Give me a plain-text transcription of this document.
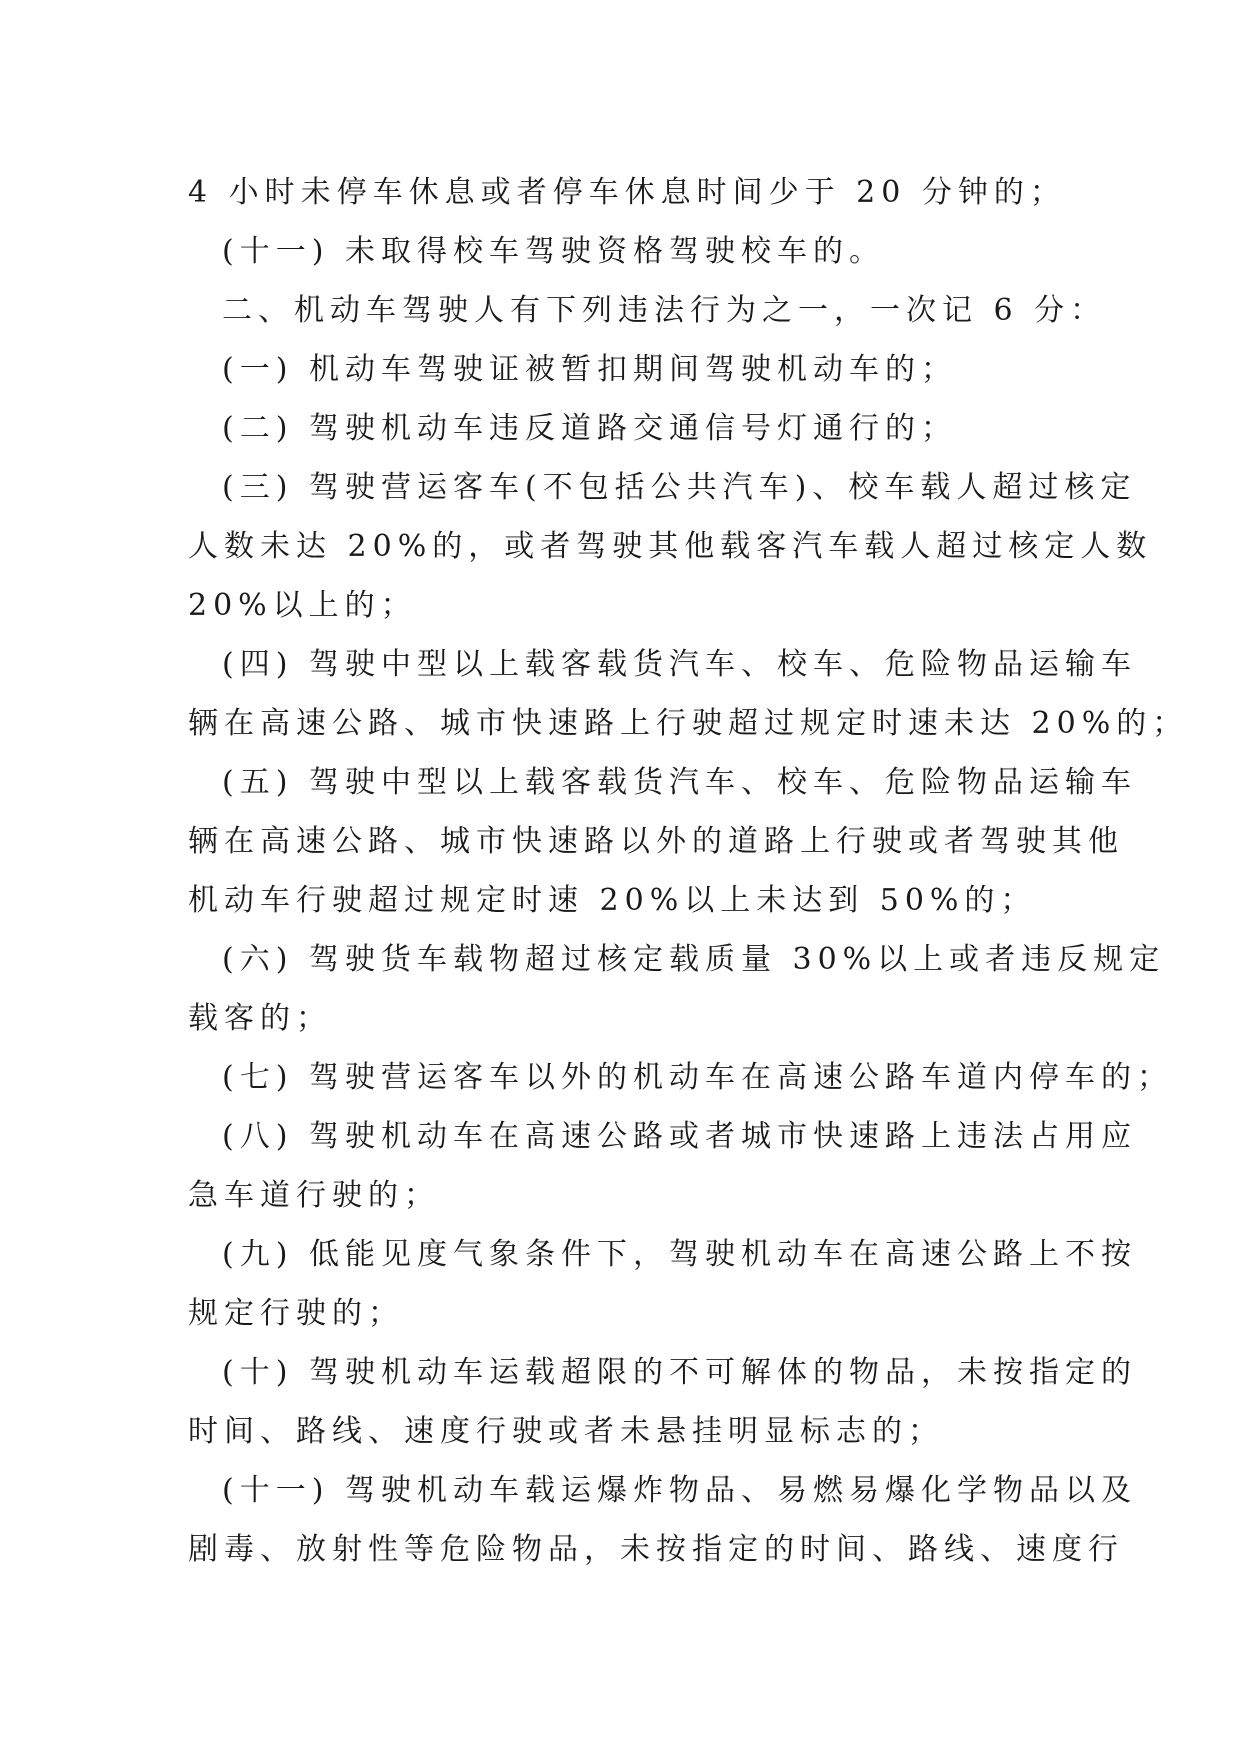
4 小时未停车休息或者停车休息时间少于 20 分钟的；
(十一) 未取得校车驾驶资格驾驶校车的。
二、机动车驾驶人有下列违法行为之一，一次记 6 分：
(一) 机动车驾驶证被暂扣期间驾驶机动车的；
(二) 驾驶机动车违反道路交通信号灯通行的；
(三) 驾驶营运客车(不包括公共汽车)、校车载人超过核定
人数未达 20%的，或者驾驶其他载客汽车载人超过核定人数
20%以上的；
(四) 驾驶中型以上载客载货汽车、校车、危险物品运输车
辆在高速公路、城市快速路上行驶超过规定时速未达 20%的；
(五) 驾驶中型以上载客载货汽车、校车、危险物品运输车
辆在高速公路、城市快速路以外的道路上行驶或者驾驶其他
机动车行驶超过规定时速 20%以上未达到 50%的；
(六) 驾驶货车载物超过核定载质量 30%以上或者违反规定
载客的；
(七) 驾驶营运客车以外的机动车在高速公路车道内停车的；
(八) 驾驶机动车在高速公路或者城市快速路上违法占用应
急车道行驶的；
(九) 低能见度气象条件下，驾驶机动车在高速公路上不按
规定行驶的；
(十) 驾驶机动车运载超限的不可解体的物品，未按指定的
时间、路线、速度行驶或者未悬挂明显标志的；
(十一) 驾驶机动车载运爆炸物品、易燃易爆化学物品以及
剧毒、放射性等危险物品，未按指定的时间、路线、速度行
